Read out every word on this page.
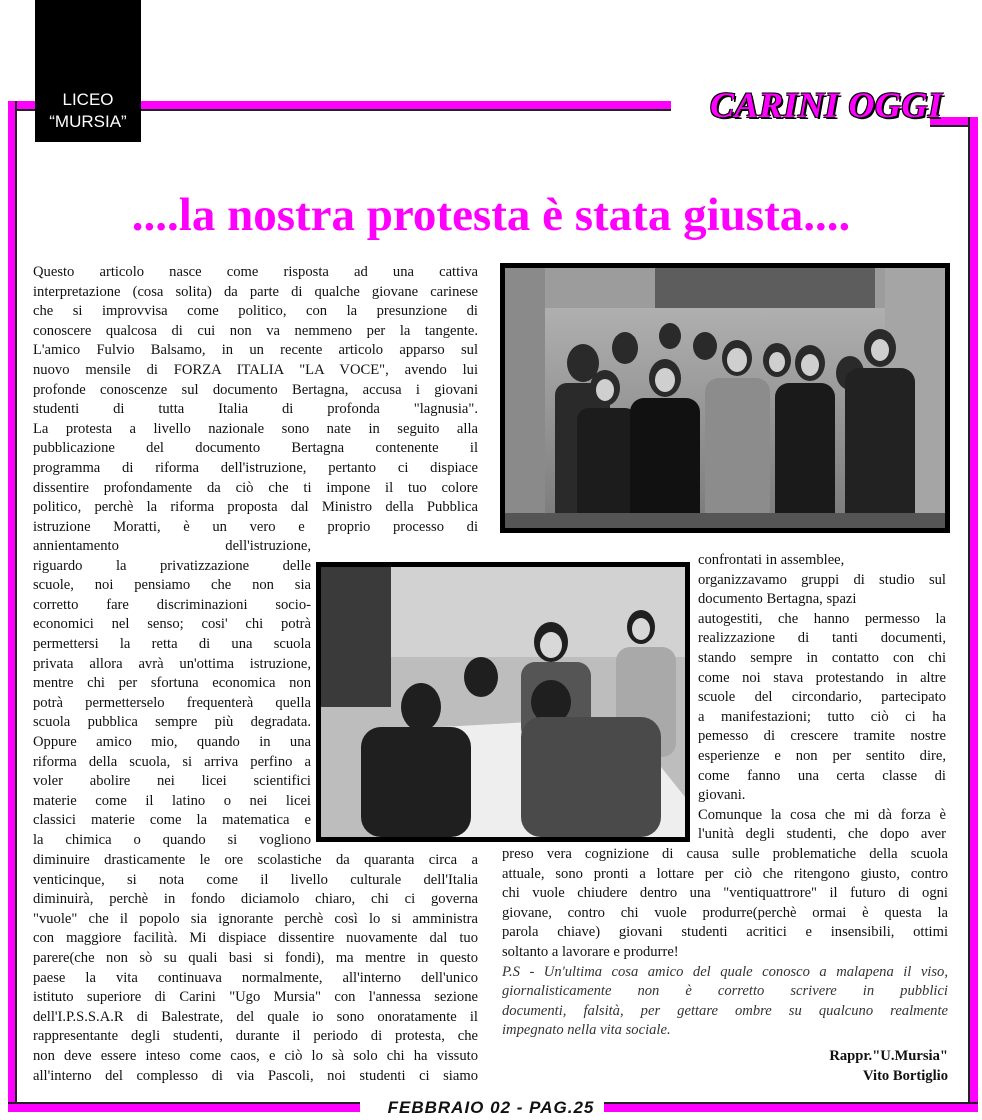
LICEO
“MURSIA”	CARINI OGGI
....la nostra protesta è stata giusta....
Questo articolo nasce come risposta ad una cattiva
interpretazione (cosa solita) da parte di qualche giovane carinese
che si improvvisa come politico, con la presunzione di
conoscere qualcosa di cui non va nemmeno per la tangente.
L'amico Fulvio Balsamo, in un recente articolo apparso sul
nuovo mensile di FORZA ITALIA "LA VOCE", avendo lui
profonde conoscenze sul documento Bertagna, accusa i giovani
studenti di tutta Italia di profonda "lagnusia".
La protesta a livello nazionale sono nate in seguito alla
pubblicazione del documento Bertagna contenente il
programma di riforma dell'istruzione, pertanto ci dispiace
dissentire profondamente da ciò che ti impone il tuo colore
politico, perchè la riforma proposta dal Ministro della Pubblica
istruzione Moratti, è un vero e proprio processo di
annientamento dell'istruzione,
riguardo la privatizzazione delle
scuole, noi pensiamo che non sia
corretto fare discriminazioni socio-
economici nel senso; cosi' chi potrà
permettersi la retta di una scuola
privata allora avrà un'ottima istruzione,
mentre chi per sfortuna economica non
potrà permetterselo frequenterà quella
scuola pubblica sempre più degradata.
Oppure amico mio, quando in una
riforma della scuola, si arriva perfino a
voler abolire nei licei scientifici
materie come il latino o nei licei
classici materie come la matematica e
la chimica o quando si vogliono
confrontati in assemblee,
organizzavamo gruppi di studio sul
documento Bertagna, spazi
autogestiti, che hanno permesso la
realizzazione di tanti documenti,
stando sempre in contatto con chi
come noi stava protestando in altre
scuole del circondario, partecipato
a manifestazioni; tutto ciò ci ha
pemesso di crescere tramite nostre
esperienze e non per sentito dire,
come fanno una certa classe di
giovani.
Comunque la cosa che mi dà forza è
l'unità degli studenti, che dopo aver
diminuire drasticamente le ore scolastiche da quaranta circa a
venticinque, si nota come il livello culturale dell'Italia
diminuirà, perchè in fondo diciamolo chiaro, chi ci governa
"vuole" che il popolo sia ignorante perchè così lo si amministra
con maggiore facilità. Mi dispiace dissentire nuovamente dal tuo
parere(che non sò su quali basi si fondi), ma mentre in questo
paese la vita continuava normalmente, all'interno dell'unico
istituto superiore di Carini "Ugo Mursia" con l'annessa sezione
dell'I.P.S.S.A.R di Balestrate, del quale io sono onoratamente il
rappresentante degli studenti, durante il periodo di protesta, che
non deve essere inteso come caos, e ciò lo sà solo chi ha vissuto
all'interno del complesso di via Pascoli, noi studenti ci siamo
preso vera cognizione di causa sulle problematiche della scuola
attuale, sono pronti a lottare per ciò che ritengono giusto, contro
chi vuole chiudere dentro una "ventiquattrore" il futuro di ogni
giovane, contro chi vuole produrre(perchè ormai è questa la
parola chiave) giovani studenti acritici e insensibili, ottimi
soltanto a lavorare e produrre!
P.S - Un'ultima cosa amico del quale conosco a malapena il viso,
giornalisticamente non è corretto scrivere in pubblici
documenti, falsità, per gettare ombre su qualcuno realmente
impegnato nella vita sociale.
Rappr."U.Mursia"
Vito Bortiglio
FEBBRAIO 02 - PAG.25
